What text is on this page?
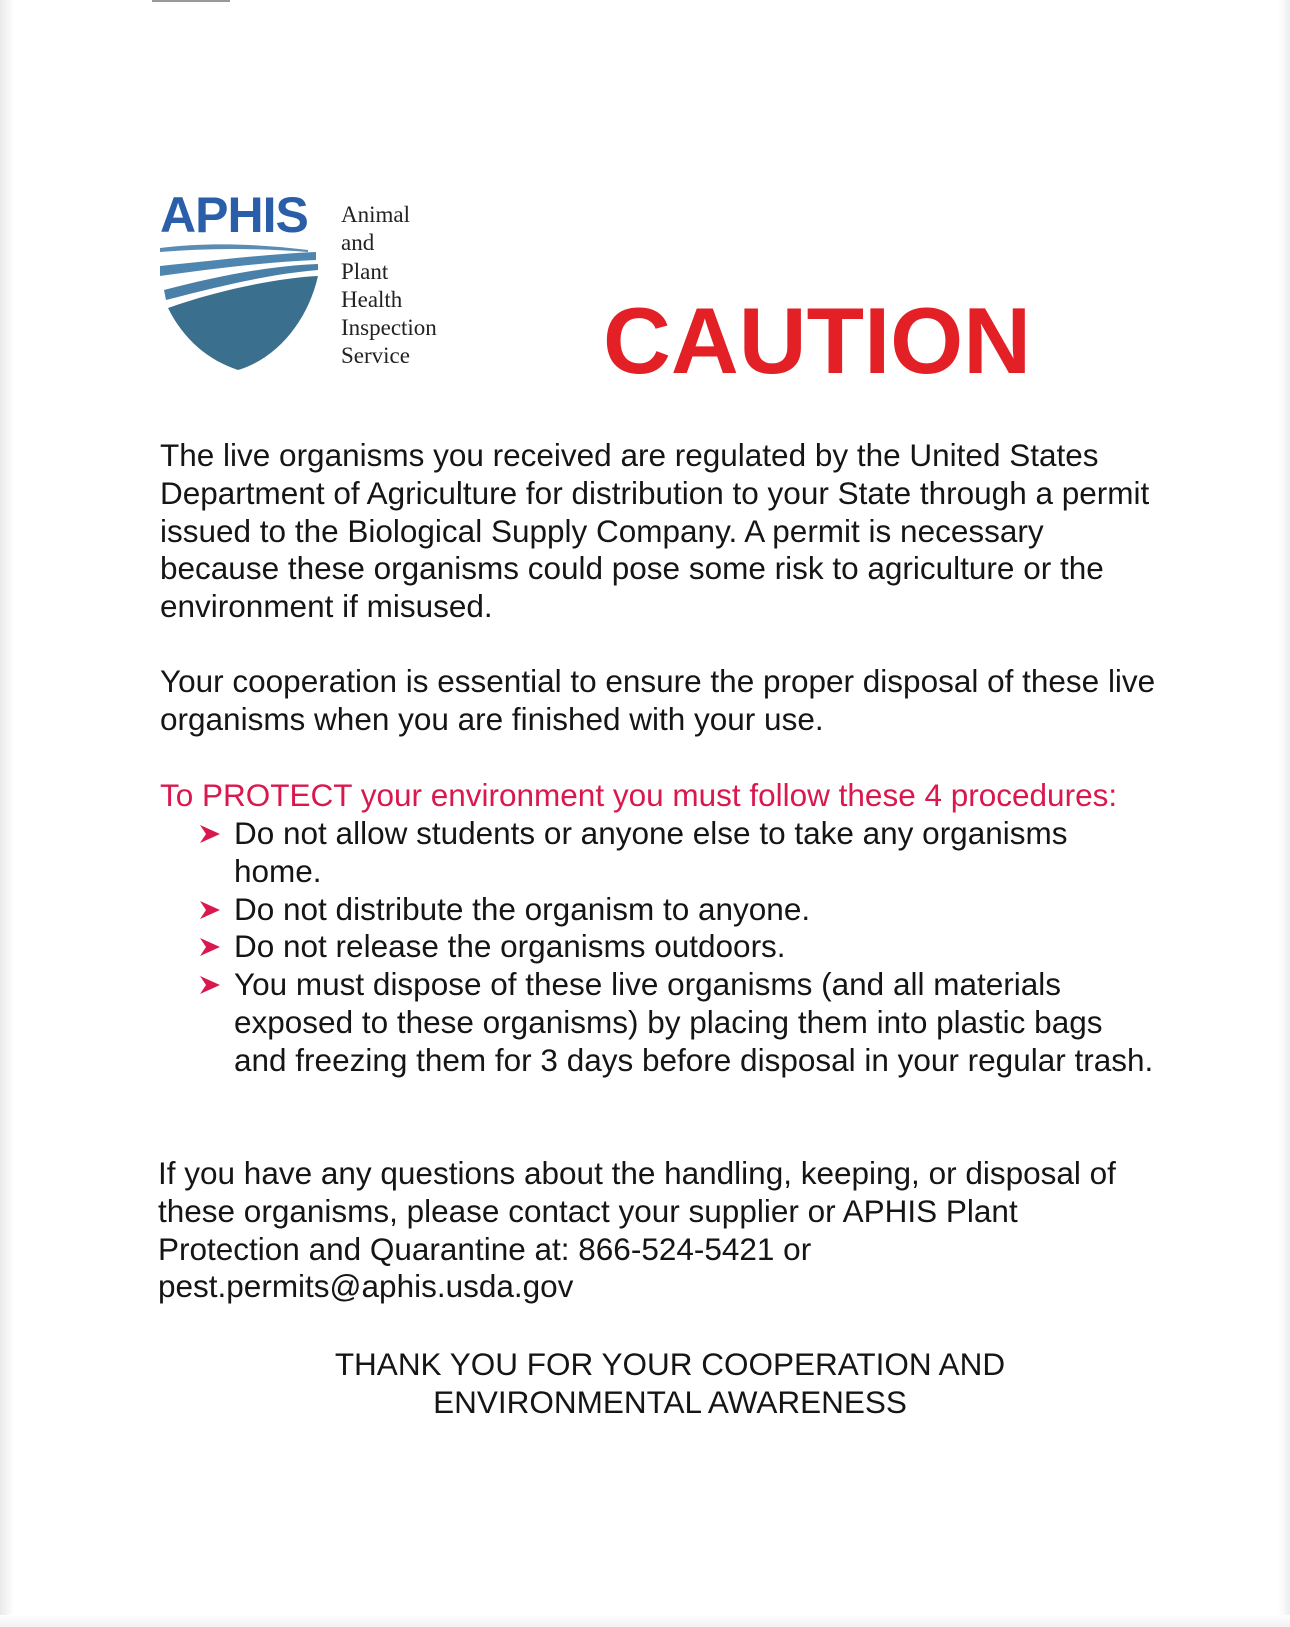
APHIS Animal
and
Plant
Health
Inspection
Service CAUTION

The live organisms you received are regulated by the United States Department of Agriculture for distribution to your State through a permit issued to the Biological Supply Company. A permit is necessary because these organisms could pose some risk to agriculture or the environment if misused.

Your cooperation is essential to ensure the proper disposal of these live organisms when you are finished with your use.

To PROTECT your environment you must follow these 4 procedures:

Do not allow students or anyone else to take any organisms home.
Do not distribute the organism to anyone.
Do not release the organisms outdoors.
You must dispose of these live organisms (and all materials exposed to these organisms) by placing them into plastic bags and freezing them for 3 days before disposal in your regular trash.

If you have any questions about the handling, keeping, or disposal of these organisms, please contact your supplier or APHIS Plant Protection and Quarantine at: 866-524-5421 or pest.permits@aphis.usda.gov

THANK YOU FOR YOUR COOPERATION AND
ENVIRONMENTAL AWARENESS
